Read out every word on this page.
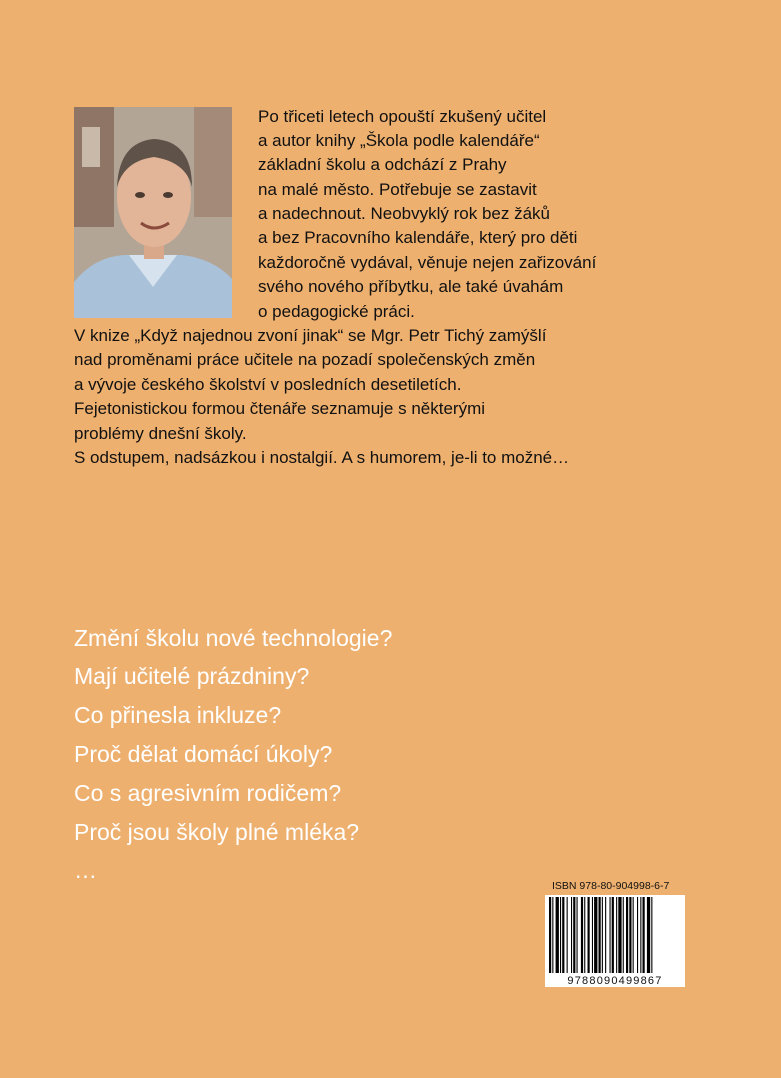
Po třiceti letech opouští zkušený učitel
a autor knihy „Škola podle kalendáře“
základní školu a odchází z Prahy
na malé město. Potřebuje se zastavit
a nadechnout. Neobvyklý rok bez žáků
a bez Pracovního kalendáře, který pro děti
každoročně vydával, věnuje nejen zařizování
svého nového příbytku, ale také úvahám
o pedagogické práci.
V knize „Když najednou zvoní jinak“ se Mgr. Petr Tichý zamýšlí
nad proměnami práce učitele na pozadí společenských změn
a vývoje českého školství v posledních desetiletích.
Fejetonistickou formou čtenáře seznamuje s některými
problémy dnešní školy.
S odstupem, nadsázkou i nostalgií. A s humorem, je-li to možné…
Změní školu nové technologie?
Mají učitelé prázdniny?
Co přinesla inkluze?
Proč dělat domácí úkoly?
Co s agresivním rodičem?
Proč jsou školy plné mléka?
…
ISBN 978-80-904998-6-7
9788090499867
